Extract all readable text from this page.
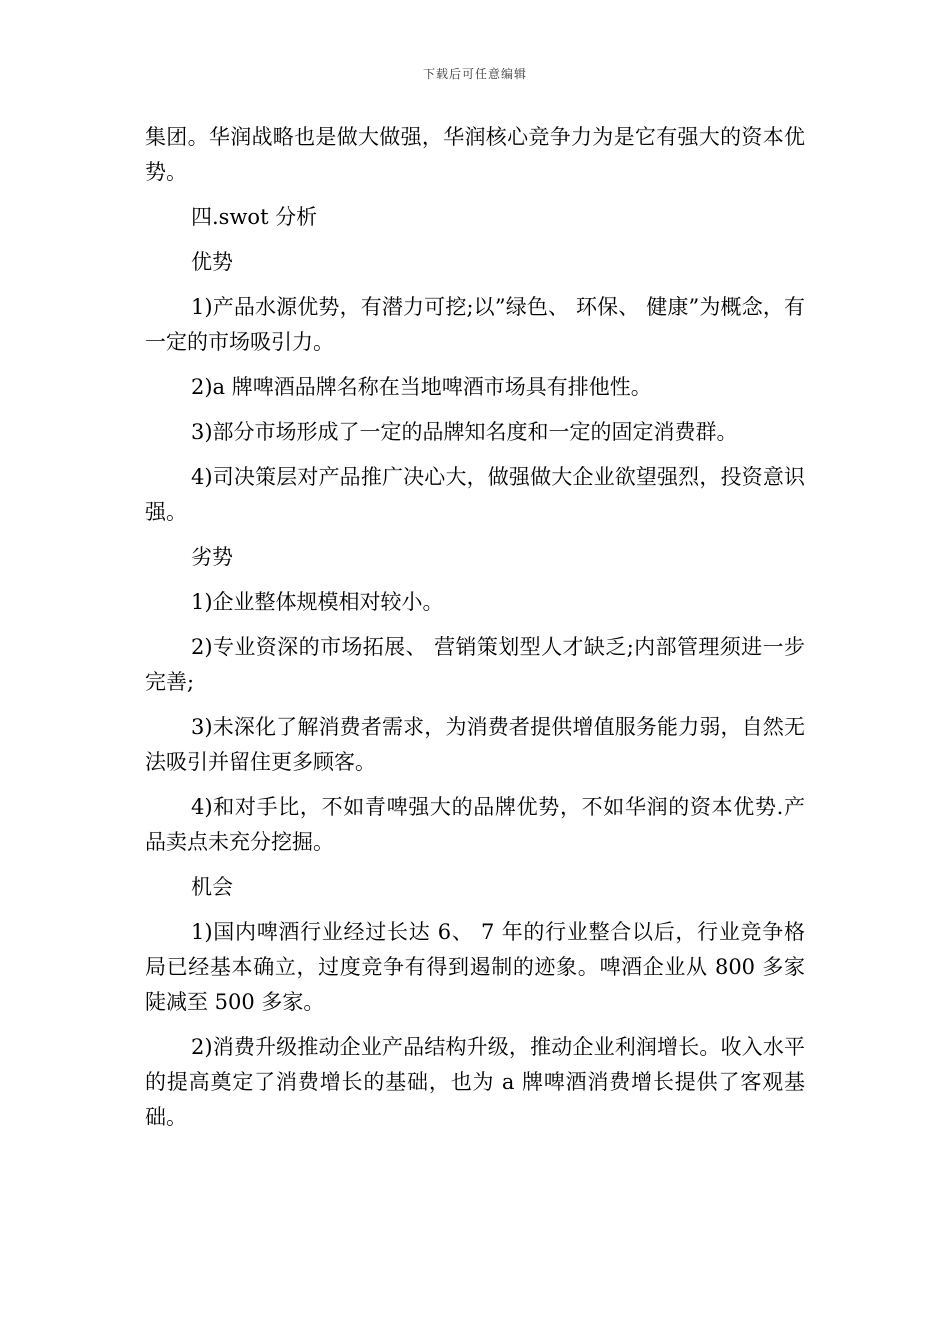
下载后可任意编辑

集团。华润战略也是做大做强，华润核心竞争力为是它有强大的资本优势。

四.swot 分析

优势

1)产品水源优势，有潜力可挖;以”绿色、 环保、 健康”为概念，有一定的市场吸引力。

2)a 牌啤酒品牌名称在当地啤酒市场具有排他性。

3)部分市场形成了一定的品牌知名度和一定的固定消费群。

4)司决策层对产品推广决心大，做强做大企业欲望强烈，投资意识强。

劣势

1)企业整体规模相对较小。

2)专业资深的市场拓展、 营销策划型人才缺乏;内部管理须进一步完善;

3)未深化了解消费者需求，为消费者提供增值服务能力弱，自然无法吸引并留住更多顾客。

4)和对手比，不如青啤强大的品牌优势，不如华润的资本优势.产品卖点未充分挖掘。

机会

1)国内啤酒行业经过长达 6、 7 年的行业整合以后，行业竞争格局已经基本确立，过度竞争有得到遏制的迹象。啤酒企业从 800 多家陡减至 500 多家。

2)消费升级推动企业产品结构升级，推动企业利润增长。收入水平的提高奠定了消费增长的基础，也为 a 牌啤酒消费增长提供了客观基础。
